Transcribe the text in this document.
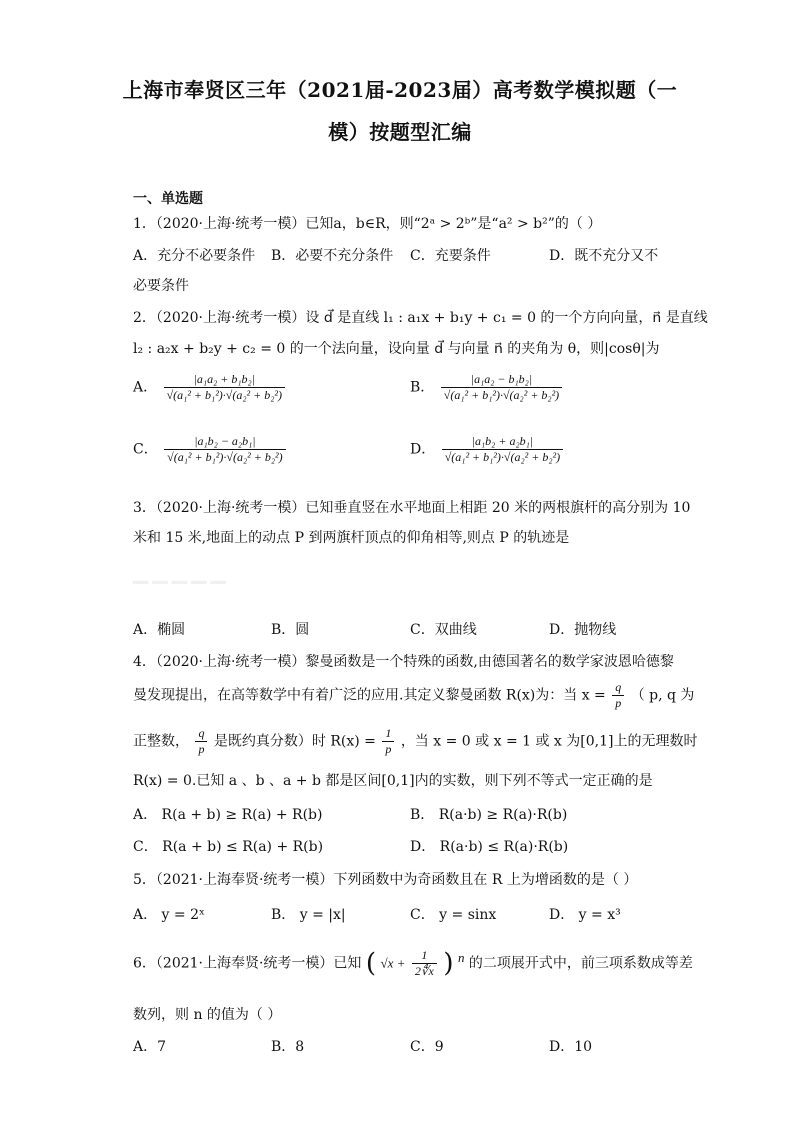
上海市奉贤区三年（2021届-2023届）高考数学模拟题（一
模）按题型汇编
一、单选题
1．（2020·上海·统考一模）已知a，b∈R，则“2ᵃ > 2ᵇ”是“a² > b²”的（ ）
A．充分不必要条件 B．必要不充分条件 C．充要条件	D．既不充分又不
必要条件
2．（2020·上海·统考一模）设 d⃗ 是直线 l₁ : a₁x + b₁y + c₁ = 0 的一个方向向量，n⃗ 是直线
l₂ : a₂x + b₂y + c₂ = 0 的一个法向量，设向量 d⃗ 与向量 n⃗ 的夹角为 θ，则|cosθ|为
A． $\frac{\text{|a₁a₂ + b₁b₂|}}{\text{√(a₁² + b₁²)·√(a₂² + b₂²)}}$	B． $\frac{\text{|a₁a₂ − b₁b₂|}}{\text{√(a₁² + b₁²)·√(a₂² + b₂²)}}$
C． $\frac{\text{|a₁b₂ − a₂b₁|}}{\text{√(a₁² + b₁²)·√(a₂² + b₂²)}}$	D． $\frac{\text{|a₁b₂ + a₂b₁|}}{\text{√(a₁² + b₁²)·√(a₂² + b₂²)}}$
3．（2020·上海·统考一模）已知垂直竖在水平地面上相距 20 米的两根旗杆的高分别为 10
米和 15 米,地面上的动点 P 到两旗杆顶点的仰角相等,则点 P 的轨迹是
▁▁▁▁▁
A．椭圆	B．圆	C．双曲线	D．抛物线
4．（2020·上海·统考一模）黎曼函数是一个特殊的函数,由德国著名的数学家波恩哈德黎
曼发现提出，在高等数学中有着广泛的应用.其定义黎曼函数 R(x)为：当 $x = \frac{q}{p}$ （ p, q 为
正整数， $\frac{q}{p}$ 是既约真分数）时 $R(x) = \frac{1}{p}$ ，当 x = 0 或 x = 1 或 x 为[0,1]上的无理数时
R(x) = 0.已知 a 、b 、a + b 都是区间[0,1]内的实数，则下列不等式一定正确的是
A． R(a + b) ≥ R(a) + R(b)	B． R(a·b) ≥ R(a)·R(b)
C． R(a + b) ≤ R(a) + R(b)	D． R(a·b) ≤ R(a)·R(b)
5．（2021·上海奉贤·统考一模）下列函数中为奇函数且在 R 上为增函数的是（ ）
A． y = 2ˣ	B． y = |x|	C． y = sinx	D． y = x³
6．（2021·上海奉贤·统考一模）已知 ( $√x + \frac{1}{2∜x}$ ) $^n$ 的二项展开式中，前三项系数成等差
数列，则 n 的值为（ ）
A．7	B．8	C．9	D．10
